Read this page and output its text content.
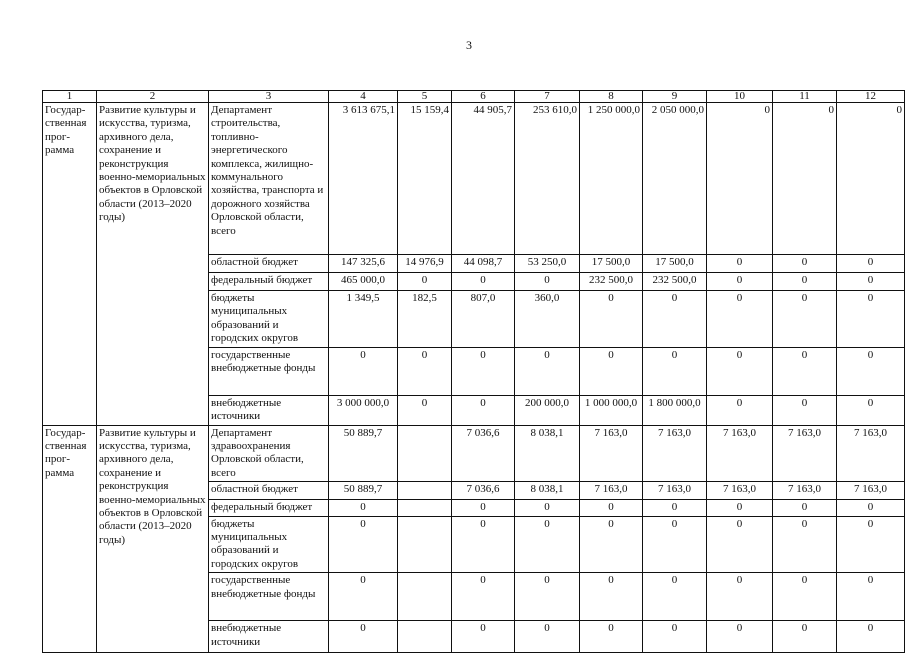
3
1	2	3	4	5	6	7	8	9	10	11	12
Государ-ственная прог-рамма	Развитие культуры и искусства, туризма, архивного дела, сохранение и реконструкция военно-мемориальных объектов в Орловской области (2013–2020 годы)	Департамент строительства, топливно-энергетического комплекса, жилищно-коммунального хозяйства, транспорта и дорожного хозяйства Орловской области, всего	3 613 675,1	15 159,4	44 905,7	253 610,0	1 250 000,0	2 050 000,0	0	0	0
		областной бюджет	147 325,6	14 976,9	44 098,7	53 250,0	17 500,0	17 500,0	0	0	0
		федеральный бюджет	465 000,0	0	0	0	232 500,0	232 500,0	0	0	0
		бюджеты муниципальных образований и городских округов	1 349,5	182,5	807,0	360,0	0	0	0	0	0
		государственные внебюджетные фонды	0	0	0	0	0	0	0	0	0
		внебюджетные источники	3 000 000,0	0	0	200 000,0	1 000 000,0	1 800 000,0	0	0	0
Государ-ственная прог-рамма	Развитие культуры и искусства, туризма, архивного дела, сохранение и реконструкция военно-мемориальных объектов в Орловской области (2013–2020 годы)	Департамент здравоохранения Орловской области, всего	50 889,7		7 036,6	8 038,1	7 163,0	7 163,0	7 163,0	7 163,0	7 163,0
		областной бюджет	50 889,7		7 036,6	8 038,1	7 163,0	7 163,0	7 163,0	7 163,0	7 163,0
		федеральный бюджет	0		0	0	0	0	0	0	0
		бюджеты муниципальных образований и городских округов	0		0	0	0	0	0	0	0
		государственные внебюджетные фонды	0		0	0	0	0	0	0	0
		внебюджетные источники	0		0	0	0	0	0	0	0
